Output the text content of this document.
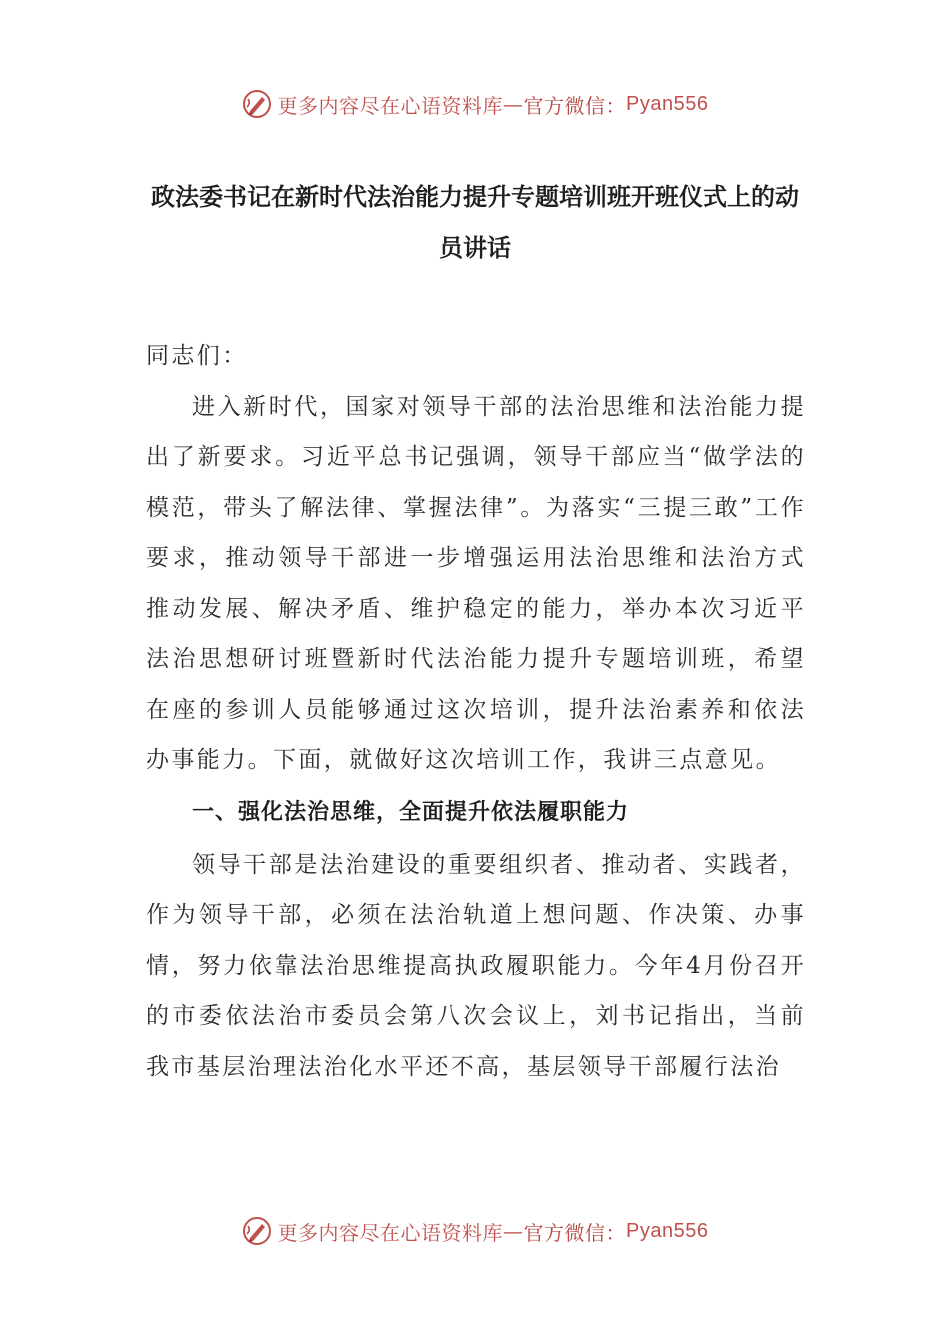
更多内容尽在心语资料库 — 官方微信： Pyan556
政法委书记在新时代法治能力提升专题培训班开班仪式上的动员讲话

同志们：

进入新时代，国家对领导干部的法治思维和法治能力提出了新要求。习近平总书记强调，领导干部应当“做学法的模范，带头了解法律、掌握法律”。为落实“三提三敢”工作要求，推动领导干部进一步增强运用法治思维和法治方式推动发展、解决矛盾、维护稳定的能力，举办本次习近平法治思想研讨班暨新时代法治能力提升专题培训班，希望在座的参训人员能够通过这次培训，提升法治素养和依法办事能力。下面，就做好这次培训工作，我讲三点意见。

一、强化法治思维，全面提升依法履职能力

领导干部是法治建设的重要组织者、推动者、实践者，作为领导干部，必须在法治轨道上想问题、作决策、办事情，努力依靠法治思维提高执政履职能力。今年4月份召开的市委依法治市委员会第八次会议上，刘书记指出，当前我市基层治理法治化水平还不高，基层领导干部履行法治

更多内容尽在心语资料库 — 官方微信： Pyan556
